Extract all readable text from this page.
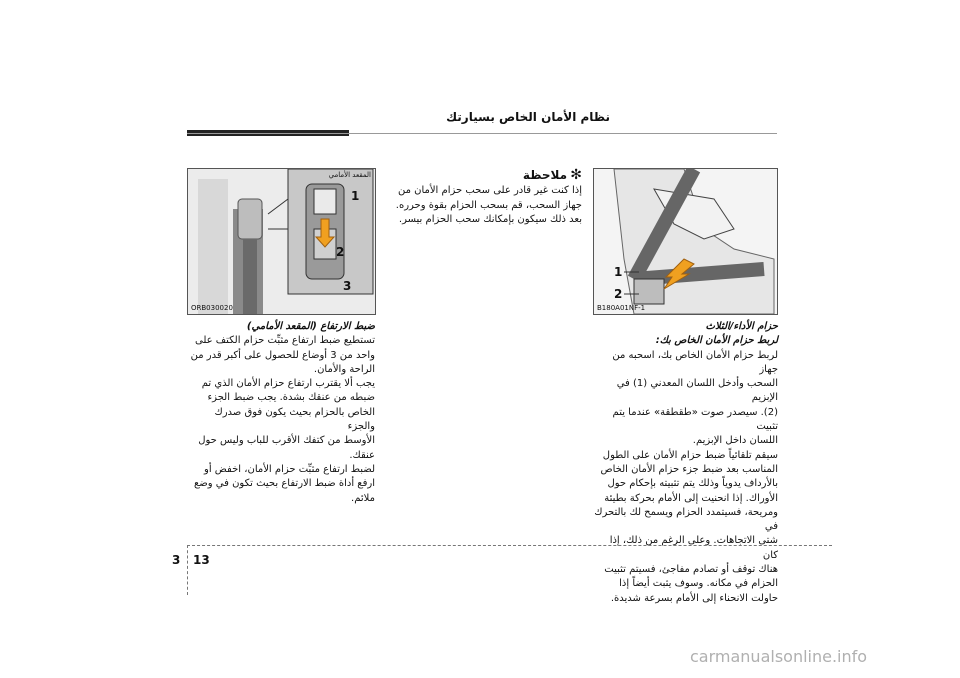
نظام الأمان الخاص بسيارتك
المقعد الأمامي
1
2
3
ORB030020
1
2
B180A01NF-1

حزام الأداء/الثلاث

لربط حزام الأمان الخاص بك:

لربط حزام الأمان الخاص بك، اسحبه من جهاز

السحب وأدخل اللسان المعدني (1) في الإبزيم

(2). سيصدر صوت «طقطقة» عندما يتم تثبيت

اللسان داخل الإبزيم.

سيقم تلقائياً ضبط حزام الأمان على الطول

المناسب بعد ضبط جزء حزام الأمان الخاص

بالأرداف يدوياً وذلك يتم تثبيته بإحكام حول

الأوراك. إذا انحنيت إلى الأمام بحركة بطيئة

ومريحة، فسيتمدد الحزام ويسمح لك بالتحرك في

شتى الاتجاهات. وعلى الرغم من ذلك، إذا كان

هناك توقف أو تصادم مفاجئ، فسيتم تثبيت

الحزام في مكانه. وسوف يثبت أيضاً إذا

حاولت الانحناء إلى الأمام بسرعة شديدة.

✻ ملاحظة

إذا كنت غير قادر على سحب حزام الأمان من

جهاز السحب، قم بسحب الحزام بقوة وحرره.

بعد ذلك سيكون بإمكانك سحب الحزام بيسر.

ضبط الارتفاع (المقعد الأمامي)

تستطيع ضبط ارتفاع مثبِّت حزام الكتف على

واحد من 3 أوضاع للحصول على أكبر قدر من

الراحة والأمان.

يجب ألا يقترب ارتفاع حزام الأمان الذي تم

ضبطه من عنقك بشدة. يجب ضبط الجزء

الخاص بالحزام بحيث يكون فوق صدرك والجزء

الأوسط من كتفك الأقرب للباب وليس حول

عنقك.

لضبط ارتفاع مثبِّت حزام الأمان، اخفض أو

ارفع أداة ضبط الارتفاع بحيث تكون في وضع

ملائم.

3 13
carmanualsonline.info
